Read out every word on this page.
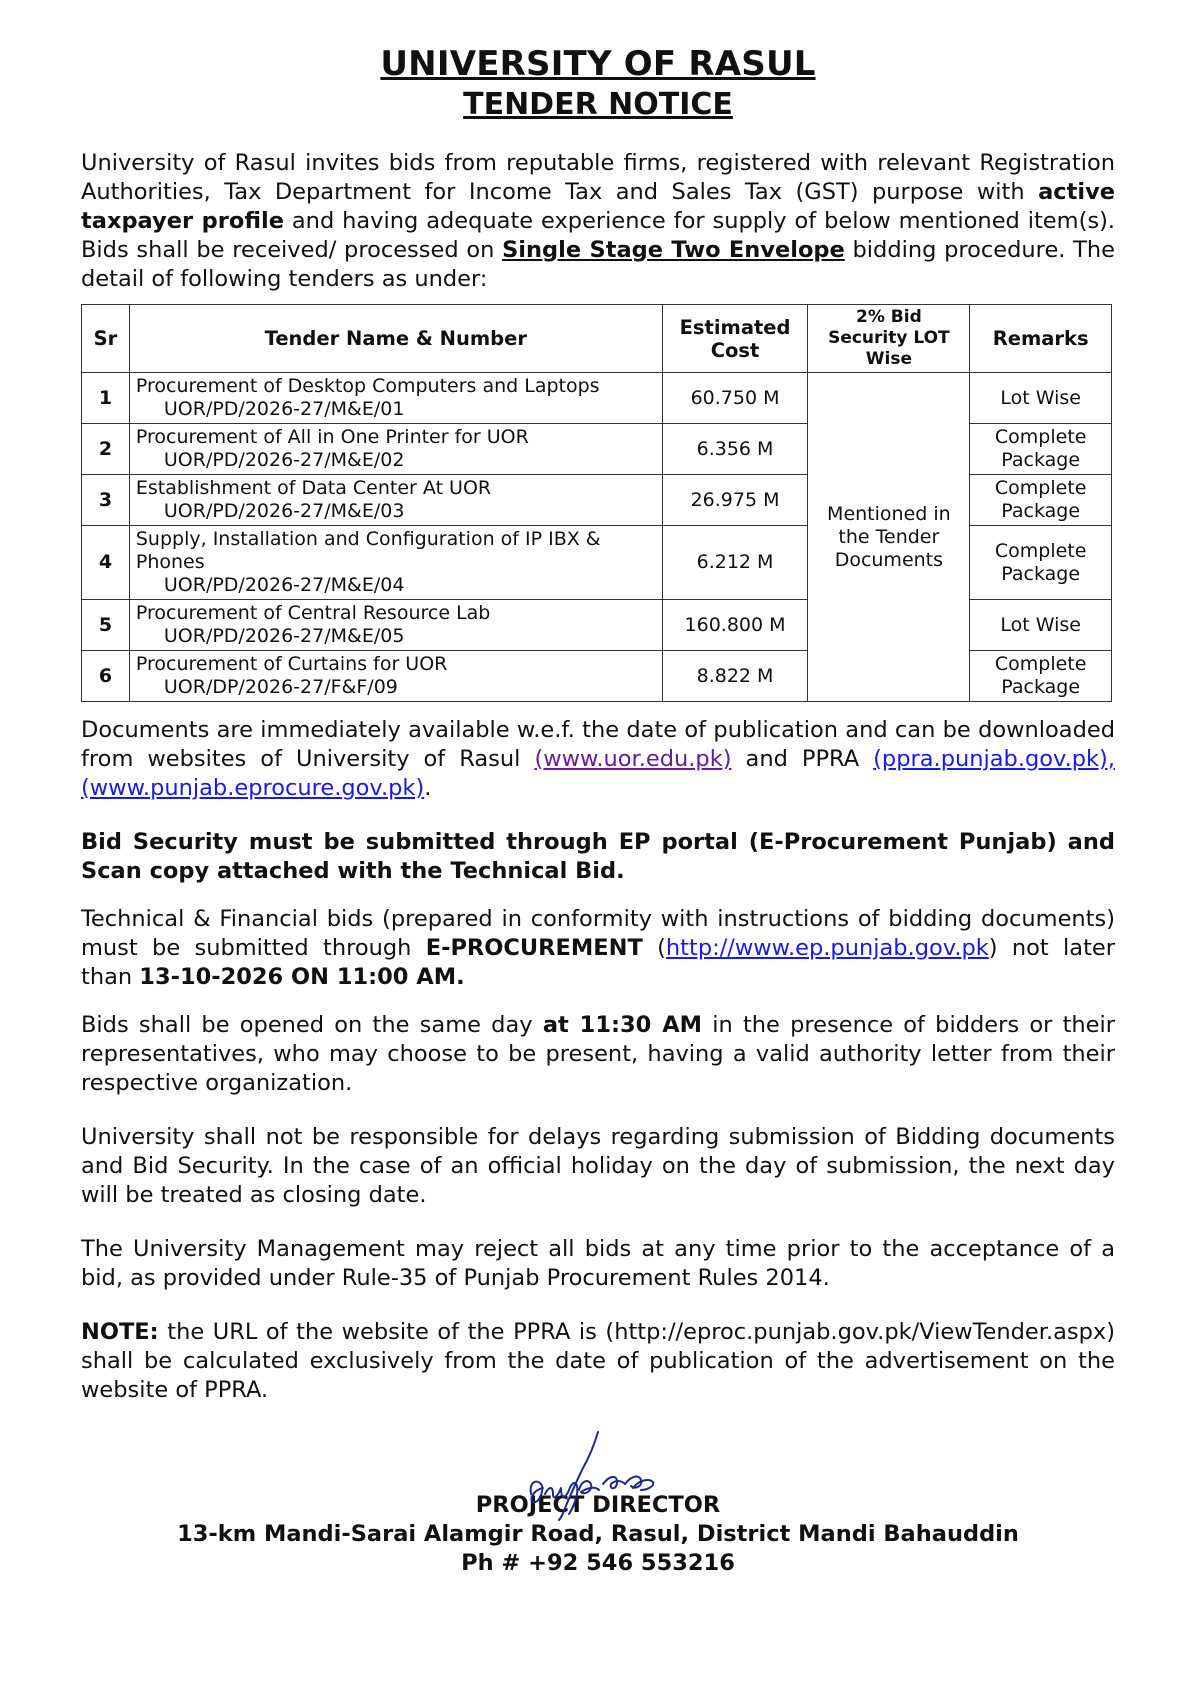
UNIVERSITY OF RASUL
TENDER NOTICE

University of Rasul invites bids from reputable firms, registered with relevant Registration Authorities, Tax Department for Income Tax and Sales Tax (GST) purpose with active taxpayer profile and having adequate experience for supply of below mentioned item(s). Bids shall be received/ processed on Single Stage Two Envelope bidding procedure. The detail of following tenders as under:

Sr	Tender Name & Number	Estimated Cost	2% Bid Security LOT Wise	Remarks
1	Procurement of Desktop Computers and Laptops
UOR/PD/2026-27/M&E/01	60.750 M	Mentioned in the Tender Documents	Lot Wise
2	Procurement of All in One Printer for UOR
UOR/PD/2026-27/M&E/02	6.356 M		Complete Package
3	Establishment of Data Center At UOR
UOR/PD/2026-27/M&E/03	26.975 M		Complete Package
4	Supply, Installation and Configuration of IP IBX & Phones
UOR/PD/2026-27/M&E/04	6.212 M		Complete Package
5	Procurement of Central Resource Lab
UOR/PD/2026-27/M&E/05	160.800 M		Lot Wise
6	Procurement of Curtains for UOR
UOR/DP/2026-27/F&F/09	8.822 M		Complete Package

Documents are immediately available w.e.f. the date of publication and can be downloaded from websites of University of Rasul (www.uor.edu.pk) and PPRA (ppra.punjab.gov.pk), (www.punjab.eprocure.gov.pk).

Bid Security must be submitted through EP portal (E-Procurement Punjab) and Scan copy attached with the Technical Bid.

Technical & Financial bids (prepared in conformity with instructions of bidding documents) must be submitted through E-PROCUREMENT (http://www.ep.punjab.gov.pk) not later than 13-10-2026 ON 11:00 AM.

Bids shall be opened on the same day at 11:30 AM in the presence of bidders or their representatives, who may choose to be present, having a valid authority letter from their respective organization.

University shall not be responsible for delays regarding submission of Bidding documents and Bid Security. In the case of an official holiday on the day of submission, the next day will be treated as closing date.

The University Management may reject all bids at any time prior to the acceptance of a bid, as provided under Rule-35 of Punjab Procurement Rules 2014.

NOTE: the URL of the website of the PPRA is (http://eproc.punjab.gov.pk/ViewTender.aspx) shall be calculated exclusively from the date of publication of the advertisement on the website of PPRA.

PROJECT DIRECTOR

13-km Mandi-Sarai Alamgir Road, Rasul, District Mandi Bahauddin

Ph # +92 546 553216
